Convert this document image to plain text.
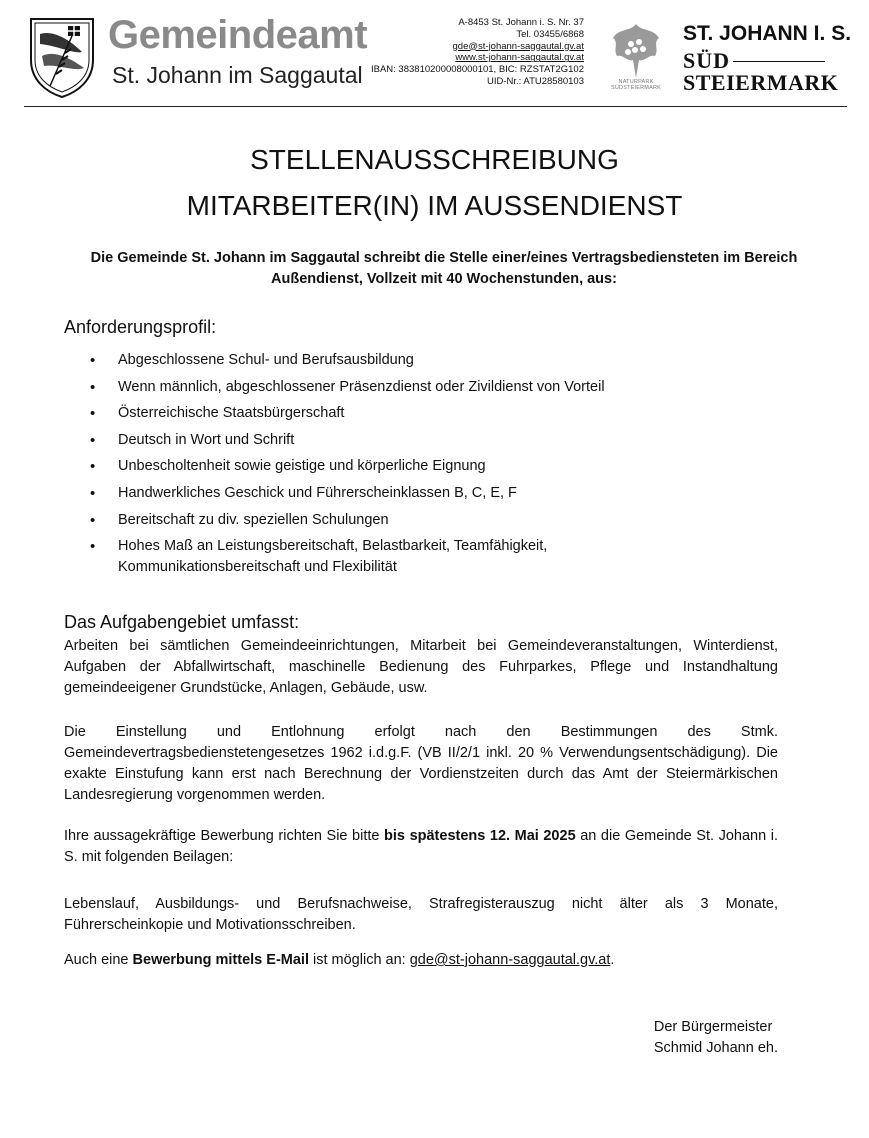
Gemeindeamt
St. Johann im Saggautal
A-8453 St. Johann i. S. Nr. 37
Tel. 03455/6868
gde@st-johann-saggautal.gv.at
www.st-johann-saggautal.gv.at
IBAN: 383810200008000101, BIC: RZSTAT2G102
UID-Nr.: ATU28580103	NATURPARK
SÜDSTEIERMARK
ST. JOHANN I. S.
SÜD
STEIERMARK
STELLENAUSSCHREIBUNG
MITARBEITER(IN) IM AUSSENDIENST
Die Gemeinde St. Johann im Saggautal schreibt die Stelle einer/eines Vertragsbediensteten im Bereich Außendienst, Vollzeit mit 40 Wochenstunden, aus:
Anforderungsprofil:
• Abgeschlossene Schul- und Berufsausbildung
• Wenn männlich, abgeschlossener Präsenzdienst oder Zivildienst von Vorteil
• Österreichische Staatsbürgerschaft
• Deutsch in Wort und Schrift
• Unbescholtenheit sowie geistige und körperliche Eignung
• Handwerkliches Geschick und Führerscheinklassen B, C, E, F
• Bereitschaft zu div. speziellen Schulungen
• Hohes Maß an Leistungsbereitschaft, Belastbarkeit, Teamfähigkeit, Kommunikationsbereitschaft und Flexibilität
Das Aufgabengebiet umfasst:
Arbeiten bei sämtlichen Gemeindeeinrichtungen, Mitarbeit bei Gemeindeveranstaltungen, Winterdienst, Aufgaben der Abfallwirtschaft, maschinelle Bedienung des Fuhrparkes, Pflege und Instandhaltung gemeindeeigener Grundstücke, Anlagen, Gebäude, usw.
Die Einstellung und Entlohnung erfolgt nach den Bestimmungen des Stmk. Gemeindevertragsbedienstetengesetzes 1962 i.d.g.F. (VB II/2/1 inkl. 20 % Verwendungsentschädigung). Die exakte Einstufung kann erst nach Berechnung der Vordienstzeiten durch das Amt der Steiermärkischen Landesregierung vorgenommen werden.
Ihre aussagekräftige Bewerbung richten Sie bitte bis spätestens 12. Mai 2025 an die Gemeinde St. Johann i. S. mit folgenden Beilagen:
Lebenslauf, Ausbildungs- und Berufsnachweise, Strafregisterauszug nicht älter als 3 Monate, Führerscheinkopie und Motivationsschreiben.
Auch eine Bewerbung mittels E-Mail ist möglich an: gde@st-johann-saggautal.gv.at.
Der Bürgermeister
Schmid Johann eh.
